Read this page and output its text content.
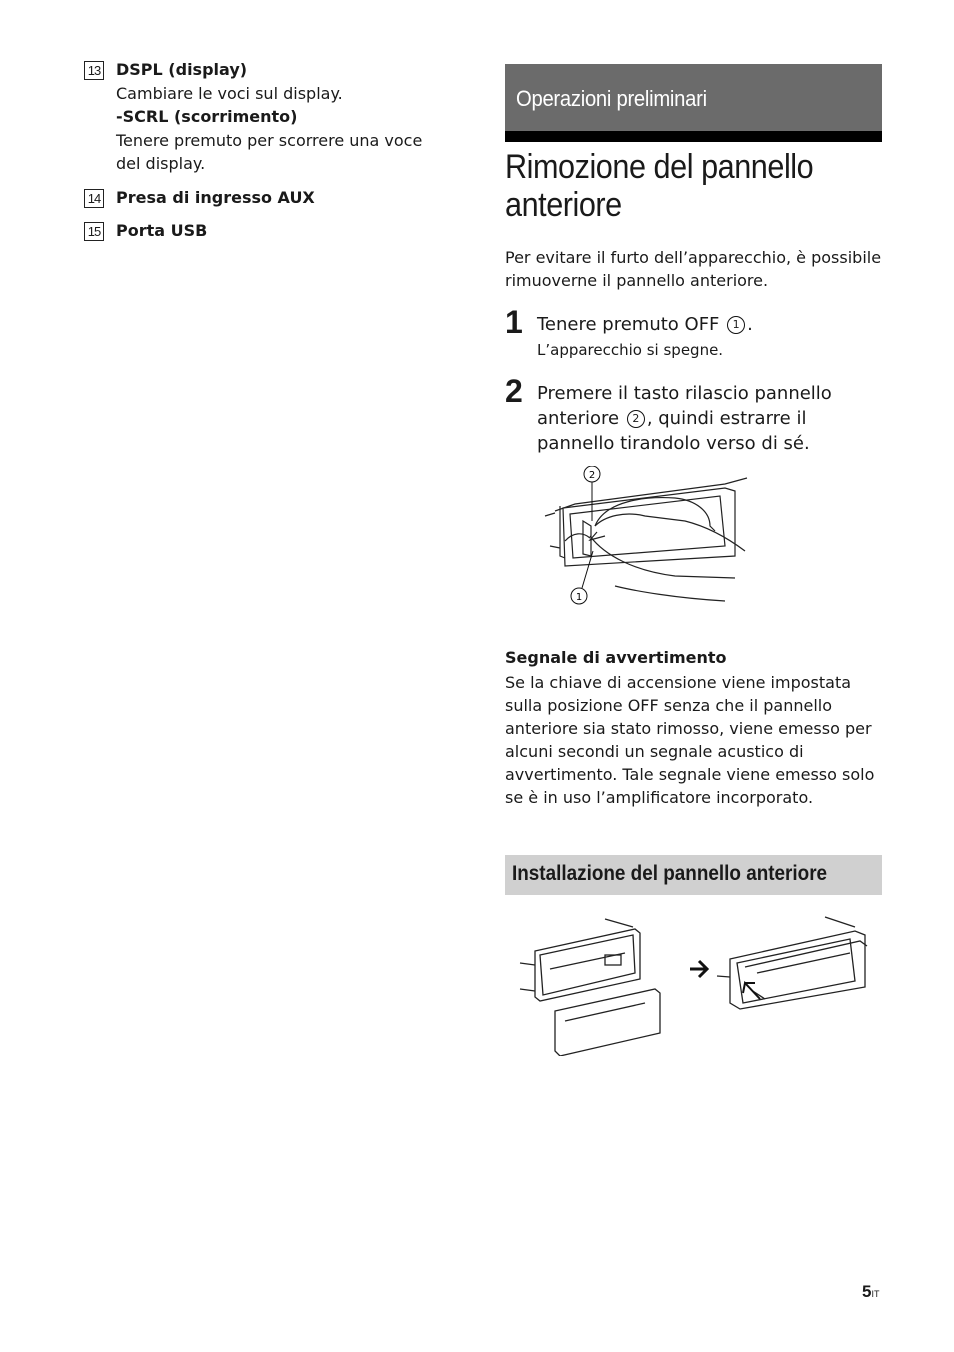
13 DSPL (display)
Cambiare le voci sul display.
-SCRL (scorrimento)
Tenere premuto per scorrere una voce del display.
14 Presa di ingresso AUX
15 Porta USB
Operazioni preliminari
Rimozione del pannello anteriore
Per evitare il furto dell’apparecchio, è possibile rimuoverne il pannello anteriore.
1 Tenere premuto OFF 1 .
L’apparecchio si spegne.
2 Premere il tasto rilascio pannello anteriore 2 , quindi estrarre il pannello tirandolo verso di sé.
2
1
Segnale di avvertimento
Se la chiave di accensione viene impostata sulla posizione OFF senza che il pannello anteriore sia stato rimosso, viene emesso per alcuni secondi un segnale acustico di avvertimento. Tale segnale viene emesso solo se è in uso l’amplificatore incorporato.
Installazione del pannello anteriore
5IT
